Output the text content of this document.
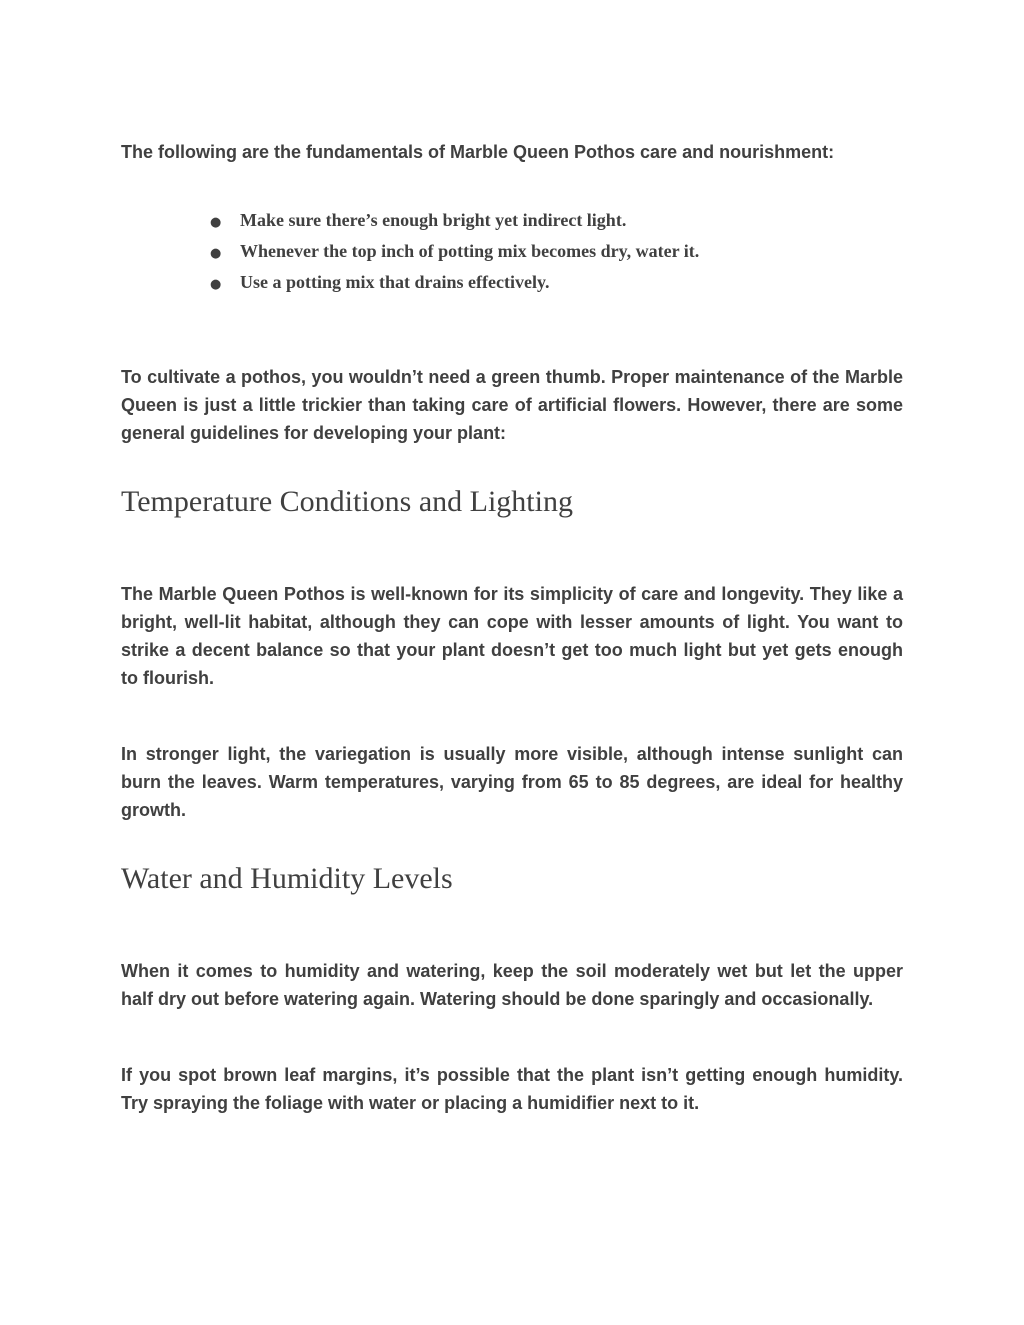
The following are the fundamentals of Marble Queen Pothos care and nourishment:

●	Make sure there’s enough bright yet indirect light.
●	Whenever the top inch of potting mix becomes dry, water it.
●	Use a potting mix that drains effectively.

To cultivate a pothos, you wouldn’t need a green thumb. Proper maintenance of the Marble Queen is just a little trickier than taking care of artificial flowers. However, there are some general guidelines for developing your plant:

Temperature Conditions and Lighting

The Marble Queen Pothos is well-known for its simplicity of care and longevity. They like a bright, well-lit habitat, although they can cope with lesser amounts of light. You want to strike a decent balance so that your plant doesn’t get too much light but yet gets enough to flourish.

In stronger light, the variegation is usually more visible, although intense sunlight can burn the leaves. Warm temperatures, varying from 65 to 85 degrees, are ideal for healthy growth.

Water and Humidity Levels

When it comes to humidity and watering, keep the soil moderately wet but let the upper half dry out before watering again. Watering should be done sparingly and occasionally.

If you spot brown leaf margins, it’s possible that the plant isn’t getting enough humidity. Try spraying the foliage with water or placing a humidifier next to it.
